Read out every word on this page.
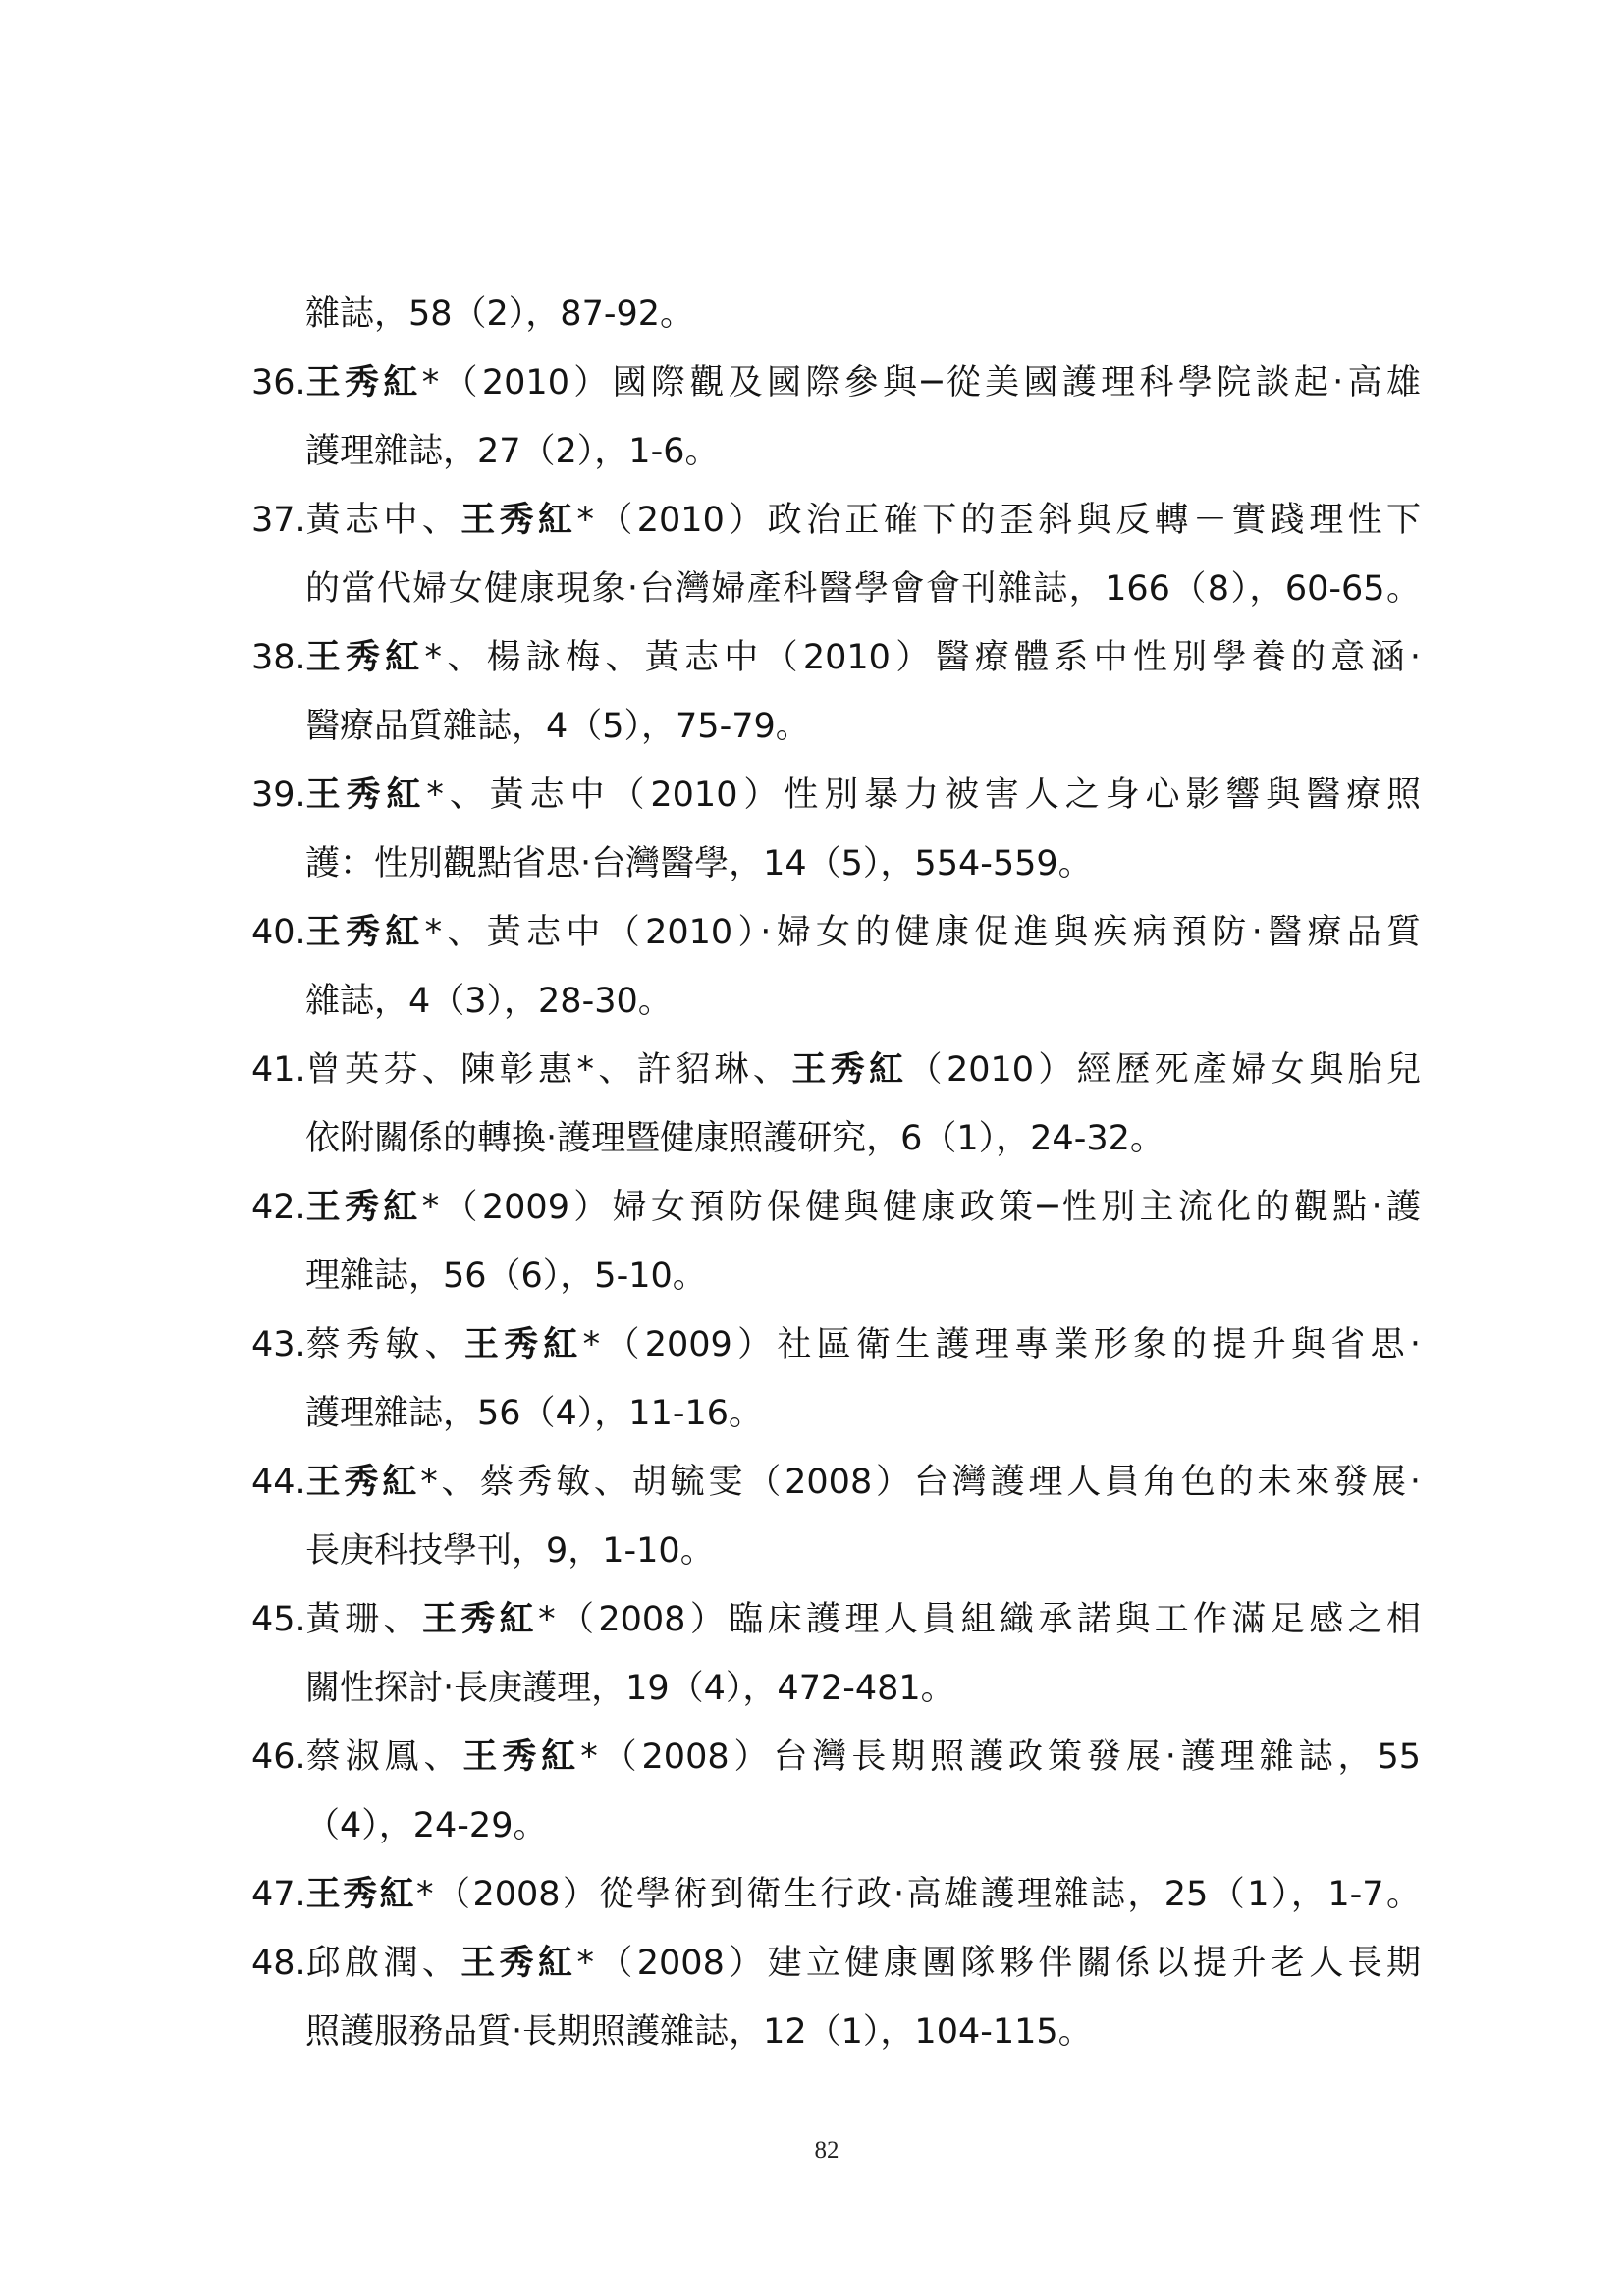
雜誌，58（2），87-92。
36. 王秀紅*（2010）國際觀及國際參與─從美國護理科學院談起‧高雄
護理雜誌，27（2），1-6。
37. 黃志中、王秀紅*（2010）政治正確下的歪斜與反轉－實踐理性下
的當代婦女健康現象‧台灣婦產科醫學會會刊雜誌，166（8），60-65。
38. 王秀紅*、楊詠梅、黃志中（2010）醫療體系中性別學養的意涵‧
醫療品質雜誌，4（5），75-79。
39. 王秀紅*、黃志中（2010）性別暴力被害人之身心影響與醫療照
護：性別觀點省思‧台灣醫學，14（5），554-559。
40. 王秀紅*、黃志中（2010）‧婦女的健康促進與疾病預防‧醫療品質
雜誌，4（3），28-30。
41. 曾英芬、陳彰惠*、許貂琳、王秀紅（2010）經歷死產婦女與胎兒
依附關係的轉換‧護理暨健康照護研究，6（1），24-32。
42. 王秀紅*（2009）婦女預防保健與健康政策─性別主流化的觀點‧護
理雜誌，56（6），5-10。
43. 蔡秀敏、王秀紅*（2009）社區衛生護理專業形象的提升與省思‧
護理雜誌，56（4），11-16。
44. 王秀紅*、蔡秀敏、胡毓雯（2008）台灣護理人員角色的未來發展‧
長庚科技學刊，9，1-10。
45. 黃珊、王秀紅*（2008）臨床護理人員組織承諾與工作滿足感之相
關性探討‧長庚護理，19（4），472-481。
46. 蔡淑鳳、王秀紅*（2008）台灣長期照護政策發展‧護理雜誌，55
（4），24-29。
47. 王秀紅*（2008）從學術到衛生行政‧高雄護理雜誌，25（1），1-7。
48. 邱啟潤、王秀紅*（2008）建立健康團隊夥伴關係以提升老人長期
照護服務品質‧長期照護雜誌，12（1），104-115。
82
